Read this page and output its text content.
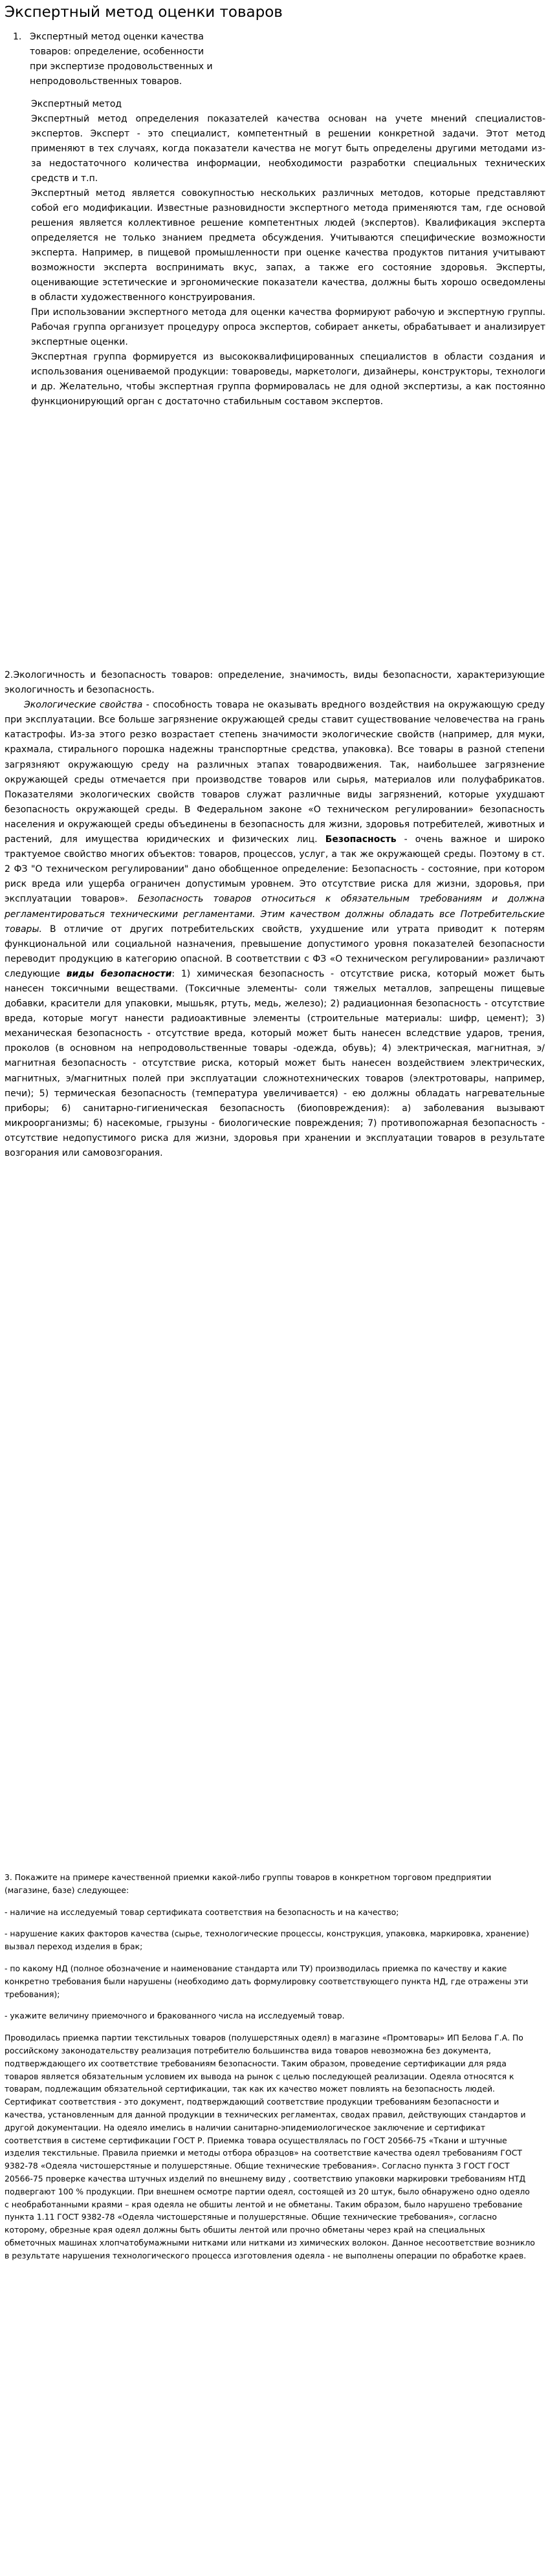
Экспертный метод оценки товаров
1. Экспертный метод оценки качества товаров: определение, особенности при экспертизе продовольственных и непродовольственных товаров.

Экспертный метод

Экспертный метод определения показателей качества основан на учете мнений специалистов-экспертов. Эксперт - это специалист, компетентный в решении конкретной задачи. Этот метод применяют в тех случаях, когда показатели качества не могут быть определены другими методами из-за недостаточного количества информации, необходимости разработки специальных технических средств и т.п.

Экспертный метод является совокупностью нескольких различных методов, которые представляют собой его модификации. Известные разновидности экспертного метода применяются там, где основой решения является коллективное решение компетентных людей (экспертов). Квалификация эксперта определяется не только знанием предмета обсуждения. Учитываются специфические возможности эксперта. Например, в пищевой промышленности при оценке качества продуктов питания учитывают возможности эксперта воспринимать вкус, запах, а также его состояние здоровья. Эксперты, оценивающие эстетические и эргономические показатели качества, должны быть хорошо осведомлены в области художественного конструирования.

При использовании экспертного метода для оценки качества формируют рабочую и экспертную группы. Рабочая группа организует процедуру опроса экспертов, собирает анкеты, обрабатывает и анализирует экспертные оценки.

Экспертная группа формируется из высококвалифицированных специалистов в области создания и использования оцениваемой продукции: товароведы, маркетологи, дизайнеры, конструкторы, технологи и др. Желательно, чтобы экспертная группа формировалась не для одной экспертизы, а как постоянно функционирующий орган с достаточно стабильным составом экспертов.

2.Экологичность и безопасность товаров: определение, значимость, виды безопасности, характеризующие экологичность и безопасность.

Экологические свойства - способность товара не оказывать вредного воздействия на окружающую среду при эксплуатации. Все больше загрязнение окружающей среды ставит существование человечества на грань катастрофы. Из-за этого резко возрастает степень значимости экологические свойств (например, для муки, крахмала, стирального порошка надежны транспортные средства, упаковка). Все товары в разной степени загрязняют окружающую среду на различных этапах товародвижения. Так, наибольшее загрязнение окружающей среды отмечается при производстве товаров или сырья, материалов или полуфабрикатов. Показателями экологических свойств товаров служат различные виды загрязнений, которые ухудшают безопасность окружающей среды. В Федеральном законе «О техническом регулировании» безопасность населения и окружающей среды объединены в безопасность для жизни, здоровья потребителей, животных и растений, для имущества юридических и физических лиц. Безопасность - очень важное и широко трактуемое свойство многих объектов: товаров, процессов, услуг, а так же окружающей среды. Поэтому в ст. 2 ФЗ "О техническом регулировании" дано обобщенное определение: Безопасность - состояние, при котором риск вреда или ущерба ограничен допустимым уровнем. Это отсутствие риска для жизни, здоровья, при эксплуатации товаров». Безопасность товаров относиться к обязательным требованиям и должна регламентироваться техническими регламентами. Этим качеством должны обладать все Потребительские товары. В отличие от других потребительских свойств, ухудшение или утрата приводит к потерям функциональной или социальной назначения, превышение допустимого уровня показателей безопасности переводит продукцию в категорию опасной. В соответствии с ФЗ «О техническом регулировании» различают следующие виды безопасности: 1) химическая безопасность - отсутствие риска, который может быть нанесен токсичными веществами. (Токсичные элементы- соли тяжелых металлов, запрещены пищевые добавки, красители для упаковки, мышьяк, ртуть, медь, железо); 2) радиационная безопасность - отсутствие вреда, которые могут нанести радиоактивные элементы (строительные материалы: шифр, цемент); 3) механическая безопасность - отсутствие вреда, который может быть нанесен вследствие ударов, трения, проколов (в основном на непродовольственные товары -одежда, обувь); 4) электрическая, магнитная, э/магнитная безопасность - отсутствие риска, который может быть нанесен воздействием электрических, магнитных, э/магнитных полей при эксплуатации сложнотехнических товаров (электротовары, например, печи); 5) термическая безопасность (температура увеличивается) - ею должны обладать нагревательные приборы; 6) санитарно-гигиеническая безопасность (биоповреждения): а) заболевания вызывают микроорганизмы; б) насекомые, грызуны - биологические повреждения; 7) противопожарная безопасность - отсутствие недопустимого риска для жизни, здоровья при хранении и эксплуатации товаров в результате возгорания или самовозгорания.

3. Покажите на примере качественной приемки какой-либо группы товаров в конкретном торговом предприятии (магазине, базе) следующее:

- наличие на исследуемый товар сертификата соответствия на безопасность и на качество;

- нарушение каких факторов качества (сырье, технологические процессы, конструкция, упаковка, маркировка, хранение) вызвал переход изделия в брак;

- по какому НД (полное обозначение и наименование стандарта или ТУ) производилась приемка по качеству и какие конкретно требования были нарушены (необходимо дать формулировку соответствующего пункта НД, где отражены эти требования);

- укажите величину приемочного и бракованного числа на исследуемый товар.

Проводилась приемка партии текстильных товаров (полушерстяных одеял) в магазине «Промтовары» ИП Белова Г.А. По российскому законодательству реализация потребителю большинства вида товаров невозможна без документа, подтверждающего их соответствие требованиям безопасности. Таким образом, проведение сертификации для ряда товаров является обязательным условием их вывода на рынок с целью последующей реализации. Одеяла относятся к товарам, подлежащим обязательной сертификации, так как их качество может повлиять на безопасность людей. Сертификат соответствия - это документ, подтверждающий соответствие продукции требованиям безопасности и качества, установленным для данной продукции в технических регламентах, сводах правил, действующих стандартов и другой документации. На одеяло имелись в наличии санитарно-эпидемиологическое заключение и сертификат соответствия в системе сертификации ГОСТ Р. Приемка товара осуществлялась по ГОСТ 20566-75 «Ткани и штучные изделия текстильные. Правила приемки и методы отбора образцов» на соответствие качества одеял требованиям ГОСТ 9382-78 «Одеяла чистошерстяные и полушерстяные. Общие технические требования». Согласно пункта 3 ГОСТ ГОСТ 20566-75 проверке качества штучных изделий по внешнему виду , соответствию упаковки маркировки требованиям НТД подвергают 100 % продукции. При внешнем осмотре партии одеял, состоящей из 20 штук, было обнаружено одно одеяло с необработанными краями – края одеяла не обшиты лентой и не обметаны. Таким образом, было нарушено требование пункта 1.11 ГОСТ 9382-78 «Одеяла чистошерстяные и полушерстяные. Общие технические требования», согласно которому, обрезные края одеял должны быть обшиты лентой или прочно обметаны через край на специальных обметочных машинах хлопчатобумажными нитками или нитками из химических волокон. Данное несоответствие возникло в результате нарушения технологического процесса изготовления одеяла - не выполнены операции по обработке краев.
